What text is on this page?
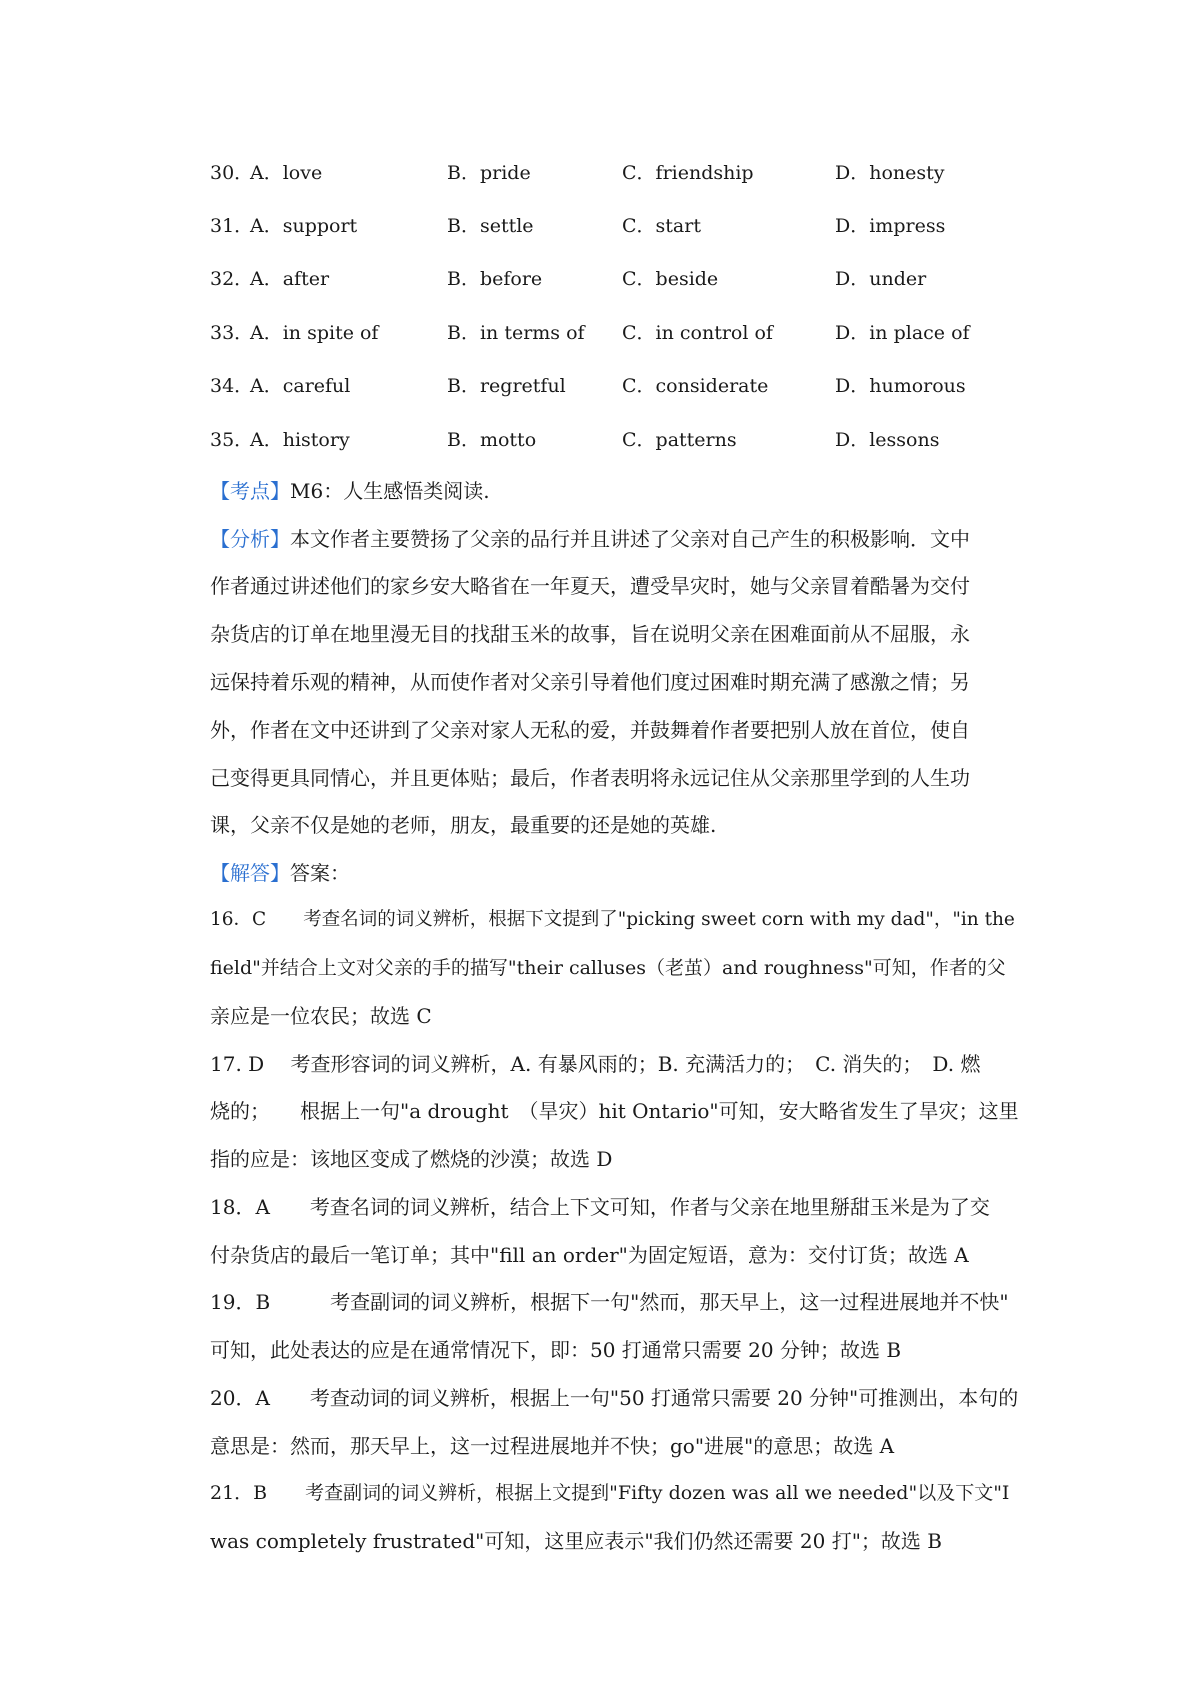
30．
A．love	B．pride	C．friendship	D．honesty
31．
A．support	B．settle	C．start	D．impress
32．
A．after	B．before	C．beside	D．under
33．
A．in spite of	B．in terms of C．in control of	D．in place of
34．
A．careful	B．regretful	C．considerate	D．humorous
35．
A．history	B．motto	C．patterns	D．lessons
【考点】M6：人生感悟类阅读.
【分析】本文作者主要赞扬了父亲的品行并且讲述了父亲对自己产生的积极影响．文中
作者通过讲述他们的家乡安大略省在一年夏天，遭受旱灾时，她与父亲冒着酷暑为交付
杂货店的订单在地里漫无目的找甜玉米的故事，旨在说明父亲在困难面前从不屈服，永
远保持着乐观的精神，从而使作者对父亲引导着他们度过困难时期充满了感激之情；另
外，作者在文中还讲到了父亲对家人无私的爱，并鼓舞着作者要把别人放在首位，使自
己变得更具同情心，并且更体贴；最后，作者表明将永远记住从父亲那里学到的人生功
课，父亲不仅是她的老师，朋友，最重要的还是她的英雄.
【解答】答案：
16．C　　考查名词的词义辨析，根据下文提到了"picking sweet corn with my dad"，"in the
field"并结合上文对父亲的手的描写"their calluses（老茧）and roughness"可知，作者的父
亲应是一位农民；故选 C
17. D　 考查形容词的词义辨析，A. 有暴风雨的；B. 充满活力的；　C. 消失的；　D. 燃
烧的；　　根据上一句"a drought　（旱灾）hit Ontario"可知，安大略省发生了旱灾；这里
指的应是：该地区变成了燃烧的沙漠；故选 D
18．A　　考查名词的词义辨析，结合上下文可知，作者与父亲在地里掰甜玉米是为了交
付杂货店的最后一笔订单；其中"fill an order"为固定短语，意为：交付订货；故选 A
19．B　　　考查副词的词义辨析，根据下一句"然而，那天早上，这一过程进展地并不快"
可知，此处表达的应是在通常情况下，即：50 打通常只需要 20 分钟；故选 B
20．A　　考查动词的词义辨析，根据上一句"50 打通常只需要 20 分钟"可推测出，本句的
意思是：然而，那天早上，这一过程进展地并不快；go"进展"的意思；故选 A
21．B　　考查副词的词义辨析，根据上文提到"Fifty dozen was all we needed"以及下文"I
was completely frustrated"可知，这里应表示"我们仍然还需要 20 打"；故选 B
